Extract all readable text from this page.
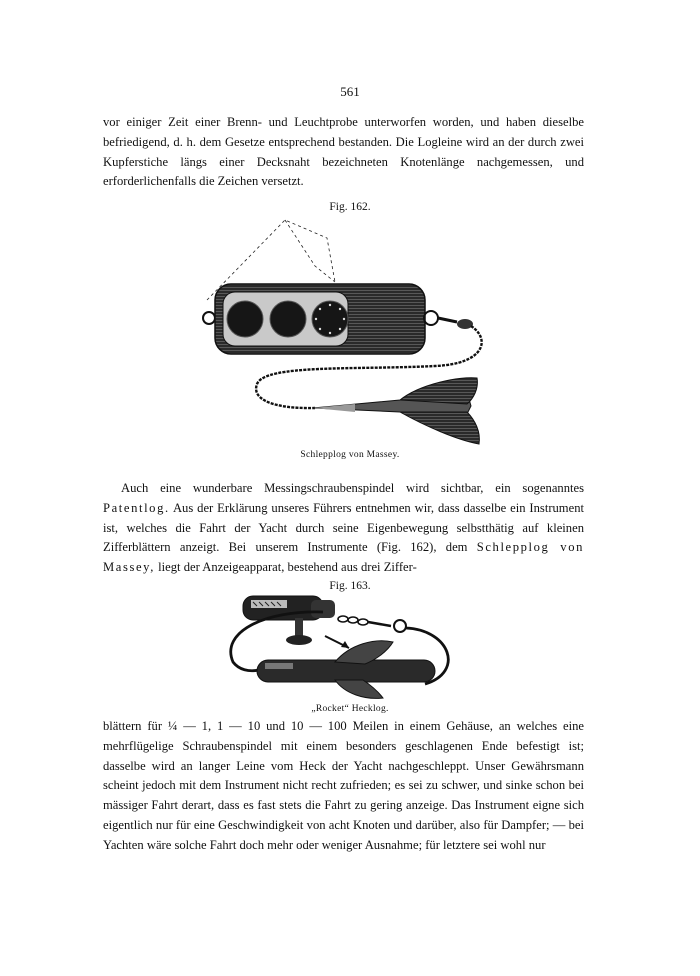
561

vor einiger Zeit einer Brenn- und Leuchtprobe unterworfen worden, und haben dieselbe befriedigend, d. h. dem Gesetze entsprechend bestanden. Die Logleine wird an der durch zwei Kupferstiche längs einer Decksnaht bezeichneten Knotenlänge nachgemessen, und erforderlichenfalls die Zeichen versetzt.

Fig. 162.
Schlepplog von Massey.

Auch eine wunderbare Messingschraubenspindel wird sichtbar, ein sogenanntes Patentlog. Aus der Erklärung unseres Führers entnehmen wir, dass dasselbe ein Instrument ist, welches die Fahrt der Yacht durch seine Eigenbewegung selbstthätig auf kleinen Zifferblättern anzeigt. Bei unserem Instrumente (Fig. 162), dem Schlepplog von Massey, liegt der Anzeigeapparat, bestehend aus drei Ziffer-

Fig. 163.
„Rocket“ Hecklog.

blättern für ¼ — 1, 1 — 10 und 10 — 100 Meilen in einem Gehäuse, an welches eine mehrflügelige Schraubenspindel mit einem besonders geschlagenen Ende befestigt ist; dasselbe wird an langer Leine vom Heck der Yacht nachgeschleppt. Unser Gewährsmann scheint jedoch mit dem Instrument nicht recht zufrieden; es sei zu schwer, und sinke schon bei mässiger Fahrt derart, dass es fast stets die Fahrt zu gering anzeige. Das Instrument eigne sich eigentlich nur für eine Geschwindigkeit von acht Knoten und darüber, also für Dampfer; — bei Yachten wäre solche Fahrt doch mehr oder weniger Ausnahme; für letztere sei wohl nur
